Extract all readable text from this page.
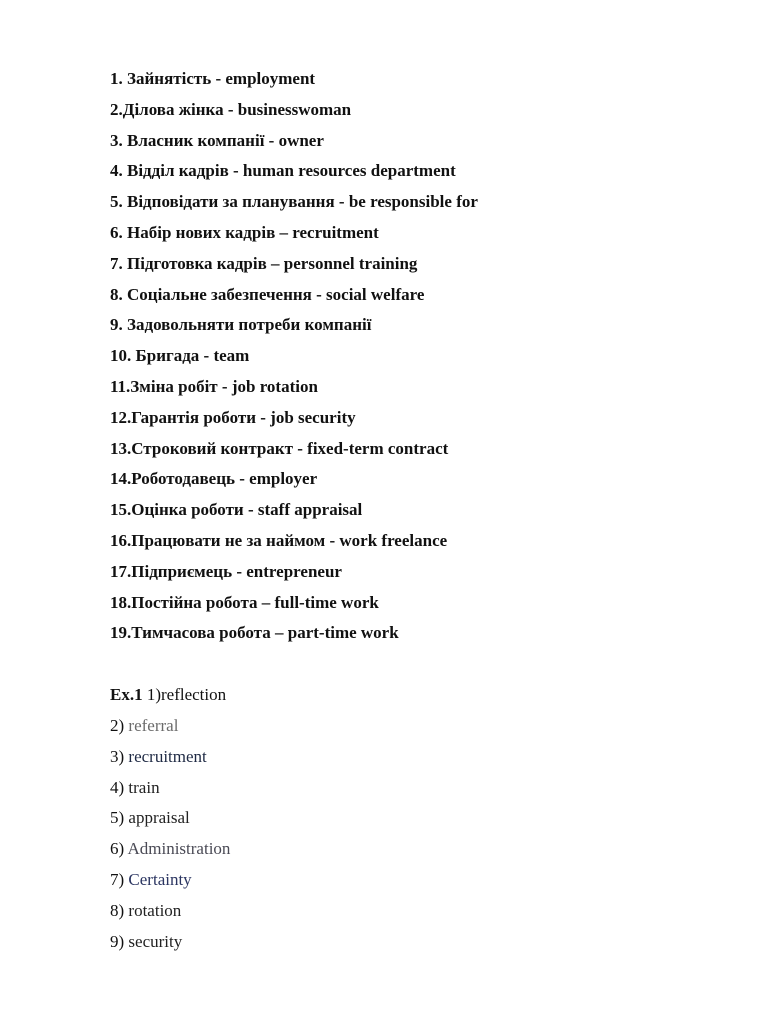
1. Зайнятість - employment
2.Ділова жінка - businesswoman
3. Власник компанії - owner
4. Відділ кадрів - human resources department
5. Відповідати за планування - be responsible for
6. Набір нових кадрів – recruitment
7. Підготовка кадрів – personnel training
8. Соціальне забезпечення - social welfare
9. Задовольняти потреби компанії
10. Бригада - team
11.Зміна робіт - job rotation
12.Гарантія роботи - job security
13.Строковий контракт - fixed-term contract
14.Роботодавець - employer
15.Оцінка роботи - staff appraisal
16.Працювати не за наймом - work freelance
17.Підприємець - entrepreneur
18.Постійна робота – full-time work
19.Тимчасова робота – part-time work
Ex.1 1)reflection
2) referral
3) recruitment
4) train
5) appraisal
6) Administration
7) Certainty
8) rotation
9) security
